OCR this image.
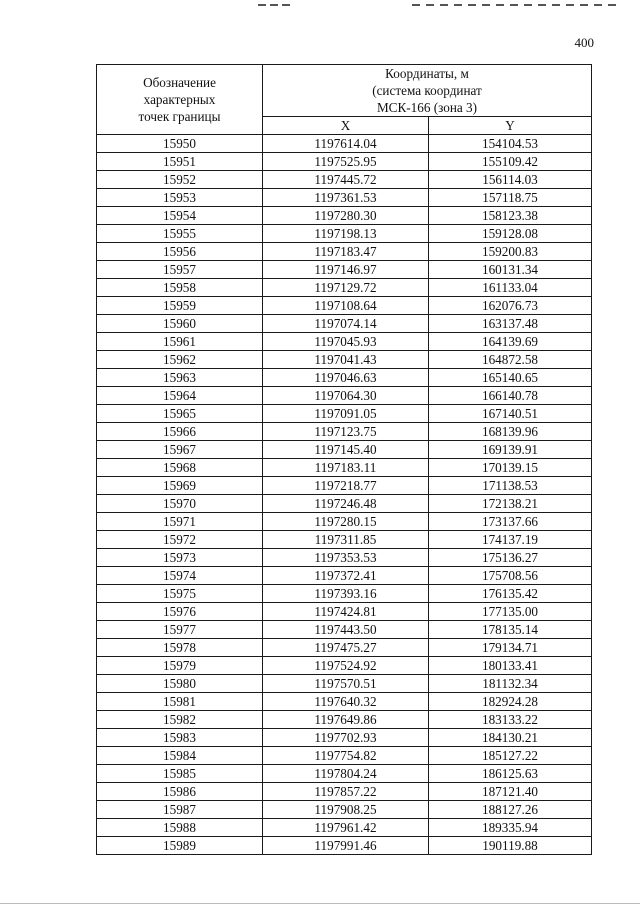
400
Обозначение
характерных
точек границы	Координаты, м
(система координат
МСК-166 (зона 3)	

	X	Y
15950	1197614.04	154104.53
15951	1197525.95	155109.42
15952	1197445.72	156114.03
15953	1197361.53	157118.75
15954	1197280.30	158123.38
15955	1197198.13	159128.08
15956	1197183.47	159200.83
15957	1197146.97	160131.34
15958	1197129.72	161133.04
15959	1197108.64	162076.73
15960	1197074.14	163137.48
15961	1197045.93	164139.69
15962	1197041.43	164872.58
15963	1197046.63	165140.65
15964	1197064.30	166140.78
15965	1197091.05	167140.51
15966	1197123.75	168139.96
15967	1197145.40	169139.91
15968	1197183.11	170139.15
15969	1197218.77	171138.53
15970	1197246.48	172138.21
15971	1197280.15	173137.66
15972	1197311.85	174137.19
15973	1197353.53	175136.27
15974	1197372.41	175708.56
15975	1197393.16	176135.42
15976	1197424.81	177135.00
15977	1197443.50	178135.14
15978	1197475.27	179134.71
15979	1197524.92	180133.41
15980	1197570.51	181132.34
15981	1197640.32	182924.28
15982	1197649.86	183133.22
15983	1197702.93	184130.21
15984	1197754.82	185127.22
15985	1197804.24	186125.63
15986	1197857.22	187121.40
15987	1197908.25	188127.26
15988	1197961.42	189335.94
15989	1197991.46	190119.88
